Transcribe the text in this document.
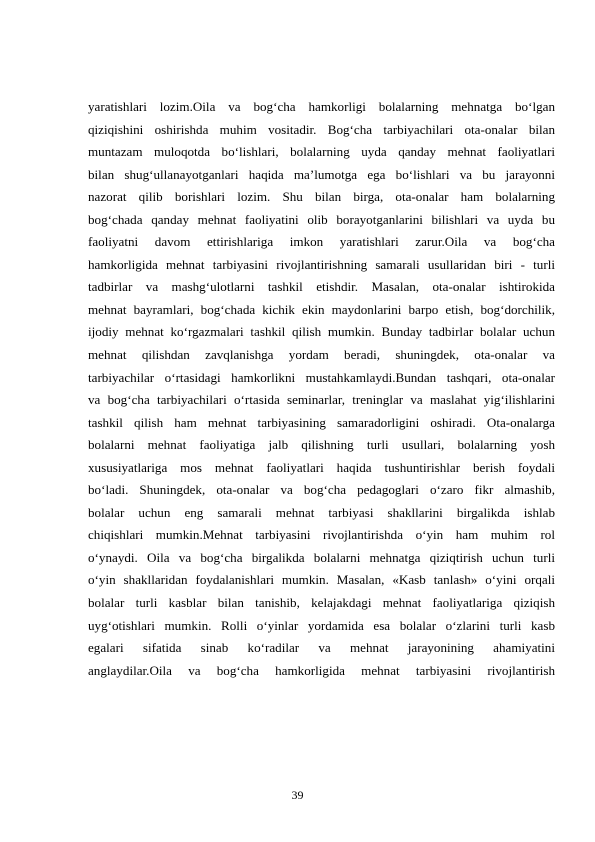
yaratishlari lozim.Oila va bog‘cha hamkorligi bolalarning mehnatga bo‘lgan
qiziqishini oshirishda muhim vositadir. Bog‘cha tarbiyachilari ota-onalar bilan
muntazam muloqotda bo‘lishlari, bolalarning uyda qanday mehnat faoliyatlari
bilan shug‘ullanayotganlari haqida ma’lumotga ega bo‘lishlari va bu jarayonni
nazorat qilib borishlari lozim. Shu bilan birga, ota-onalar ham bolalarning
bog‘chada qanday mehnat faoliyatini olib borayotganlarini bilishlari va uyda bu
faoliyatni davom ettirishlariga imkon yaratishlari zarur.Oila va bog‘cha
hamkorligida mehnat tarbiyasini rivojlantirishning samarali usullaridan biri - turli
tadbirlar va mashg‘ulotlarni tashkil etishdir. Masalan, ota-onalar ishtirokida
mehnat bayramlari, bog‘chada kichik ekin maydonlarini barpo etish, bog‘dorchilik,
ijodiy mehnat ko‘rgazmalari tashkil qilish mumkin. Bunday tadbirlar bolalar uchun
mehnat qilishdan zavqlanishga yordam beradi, shuningdek, ota-onalar va
tarbiyachilar o‘rtasidagi hamkorlikni mustahkamlaydi.Bundan tashqari, ota-onalar
va bog‘cha tarbiyachilari o‘rtasida seminarlar, treninglar va maslahat yig‘ilishlarini
tashkil qilish ham mehnat tarbiyasining samaradorligini oshiradi. Ota-onalarga
bolalarni mehnat faoliyatiga jalb qilishning turli usullari, bolalarning yosh
xususiyatlariga mos mehnat faoliyatlari haqida tushuntirishlar berish foydali
bo‘ladi. Shuningdek, ota-onalar va bog‘cha pedagoglari o‘zaro fikr almashib,
bolalar uchun eng samarali mehnat tarbiyasi shakllarini birgalikda ishlab
chiqishlari mumkin.Mehnat tarbiyasini rivojlantirishda o‘yin ham muhim rol
o‘ynaydi. Oila va bog‘cha birgalikda bolalarni mehnatga qiziqtirish uchun turli
o‘yin shakllaridan foydalanishlari mumkin. Masalan, «Kasb tanlash» o‘yini orqali
bolalar turli kasblar bilan tanishib, kelajakdagi mehnat faoliyatlariga qiziqish
uyg‘otishlari mumkin. Rolli o‘yinlar yordamida esa bolalar o‘zlarini turli kasb
egalari sifatida sinab ko‘radilar va mehnat jarayonining ahamiyatini
anglaydilar.Oila va bog‘cha hamkorligida mehnat tarbiyasini rivojlantirish
39
